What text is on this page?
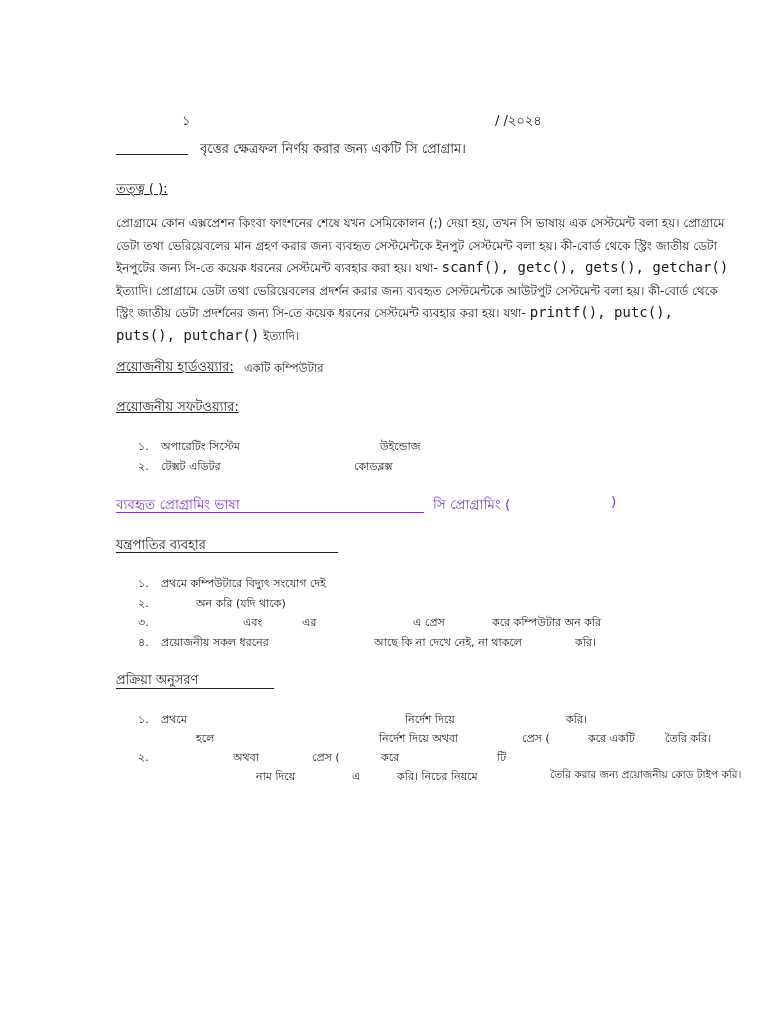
১	/ /২০২৪
বৃত্তের ক্ষেত্রফল নির্ণয় করার জন্য একটি সি প্রোগ্রাম।
তত্ত্ব ( ):
প্রোগ্রামে কোন এক্সপ্রেশন কিংবা ফাংশনের শেষে যখন সেমিকোলন (;) দেয়া হয়, তখন সি ভাষায় এক সেস্টমেন্ট বলা হয়। প্রোগ্রামে
ডেটা তথা ভেরিয়েবলের মান গ্রহণ করার জন্য ব্যবহৃত সেস্টমেন্টকে ইনপুট সেস্টমেন্ট বলা হয়। কী-বোর্ড থেকে স্ট্রিং জাতীয় ডেটা
ইনপুটের জন্য সি-তে কয়েক ধরনের সেস্টমেন্ট ব্যবহার করা হয়। যথা- scanf(), getc(), gets(), getchar()
ইত্যাদি। প্রোগ্রামে ডেটা তথা ভেরিয়েবলের প্রদর্শন করার জন্য ব্যবহৃত সেস্টমেন্টকে আউটপুট সেস্টমেন্ট বলা হয়। কী-বোর্ড থেকে
স্ট্রিং জাতীয় ডেটা প্রদর্শনের জন্য সি-তে কয়েক ধরনের সেস্টমেন্ট ব্যবহার করা হয়। যথা- printf(), putc(),
puts(), putchar() ইত্যাদি।
প্রয়োজনীয় হার্ডওয়্যার: একটি কম্পিউটার
প্রয়োজনীয় সফটওয়্যার:
১. অপারেটিং সিস্টেম	উইন্ডোজ
২. টেক্সট এডিটর	কোডব্লক্স
ব্যবহৃত প্রোগ্রামিং ভাষা	সি প্রোগ্রামিং (	)
যন্ত্রপাতির ব্যবহার
১. প্রথমে কম্পিউটারে বিদ্যুৎ সংযোগ দেই
২.	অন করি (যদি থাকে)
৩.	এবং	এর	এ প্রেস	করে কম্পিউটার অন করি
৪. প্রয়োজনীয় সকল ধরনের	আছে কি না দেখে নেই, না থাকলে	করি।
প্রক্রিয়া অনুসরণ
১. প্রথমে	নির্দেশ দিয়ে	করি।
হলে	নির্দেশ দিয়ে অথবা	প্রেস (	করে একটি	তৈরি করি।
২.	অথবা	প্রেস (	করে	টি
নাম দিয়ে	এ	করি। নিচের নিয়মে	তৈরি করার জন্য প্রয়োজনীয় কোড টাইপ করি।
